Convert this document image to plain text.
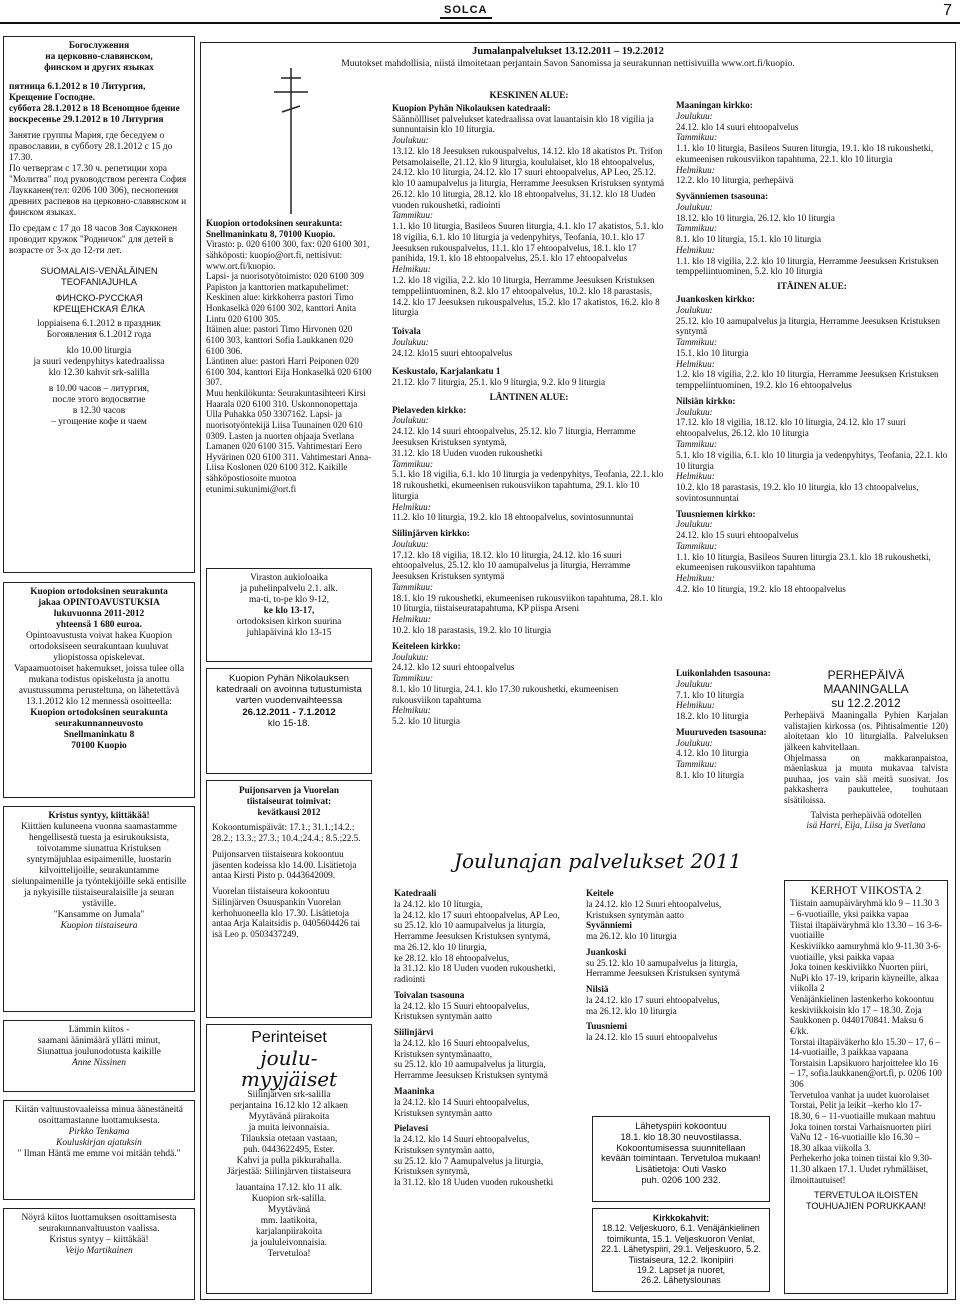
SOLCA	7

Богослужения

на церковно-славянском,

финском и других языках

пятница 6.1.2012 в 10 Литургия, Крещение Господне.

суббота 28.1.2012 в 18 Всенощное бдение

воскресенье 29.1.2012 в 10 Литургия

Занятие группы Мария, где беседуем о православии, в субботу 28.1.2012 с 15 до 17.30.

По четвергам с 17.30 ч. репетиции хора "Молитва" под руководством регента София Лаукканен(тел: 0206 100 306), песнопения древних распевов на церковно-славянском и финском языках.

По средам с 17 до 18 часов Зоя Саукконен проводит кружок "Родничок" для детей в возрасте от 3-х до 12-ти лет.

SUOMALAIS-VENÄLÄINEN

TEOFANIAJUHLA

ФИНСКО-РУССКАЯ

КРЕЩЕНСКАЯ ЁЛКА

loppiaisena 6.1.2012 в праздник

Богоявления 6.1.2012 года

klo 10.00 liturgia

ja suuri vedenpyhitys katedraalissa

klo 12.30 kahvit srk-salilla

в 10.00 часов – литургия,

после этого водосвятие

в 12.30 часов

– угощение кофе и чаем

Kuopion ortodoksinen seurakunta

jakaa OPINTOAVUSTUKSIA

lukuvuonna 2011-2012

yhteensä 1 680 euroa.

Opintoavustusta voivat hakea Kuopion ortodoksiseen seurakuntaan kuuluvat yliopistossa opiskelevat.

Vapaamuotoiset hakemukset, joissa tulee olla mukana todistus opiskelusta ja anottu avustussumma perusteltuna, on lähetettävä 13.1.2012 klo 12 mennessä osoitteella:

Kuopion ortodoksinen seurakunta

seurakunnanneuvosto

Snellmaninkatu 8

70100 Kuopio

Kristus syntyy, kiittäkää!

Kiittäen kuluneena vuonna saamastamme hengellisestä tuesta ja esirukouksista, toivotamme siunattua Kristuksen syntymäjuhlaa esipaimenille, luostarin kilvoittelijoille, seurakuntamme sielunpaimenille ja työntekijöille sekä entisille ja nykyisille tiistaiseuralaisille ja seuran ystäville.

"Kansamme on Jumala"

Kuopion tiistaiseura

Lämmin kiitos -

saamani äänimäärä yllätti minut,

Siunattua joulunodotusta kaikille

Anne Nissinen

Kiitän valtuustovaaleissa minua äänestäneitä osoittamastanne luottamuksesta.

Pirkko Tenkama

Kouluskirjan ajatuksin

" Ilman Häntä me emme voi mitään tehdä."

Nöyrä kiitos luottamuksen osoittamisesta seurakunnanvaltuuston vaalissa.

Kristus syntyy – kiittäkää!

Veijo Martikainen

Jumalanpalvelukset 13.12.2011 – 19.2.2012
Muutokset mahdollisia, niistä ilmoitetaan perjantain Savon Sanomissa ja seurakunnan nettisivuilla www.ort.fi/kuopio.

Kuopion ortodoksinen seurakunta: Snellmaninkatu 8, 70100 Kuopio.

Virasto: p. 020 6100 300, fax: 020 6100 301, sähköposti: kuopio@ort.fi, nettisivut: www.ort.fi/kuopio.

Lapsi- ja nuorisotyötoimisto: 020 6100 309

Papiston ja kanttorien matkapuhelimet: Keskinen alue: kirkkoherra pastori Timo Honkaselkä 020 6100 302, kanttori Anita Lintu 020 6100 305.

Itäinen alue: pastori Timo Hirvonen 020 6100 303, kanttori Sofia Laukkanen 020 6100 306.

Läntinen alue: pastori Harri Peiponen 020 6100 304, kanttori Eija Honkaselkä 020 6100 307.

Muu henkilökunta: Seurakuntasihteeri Kirsi Haarala 020 6100 310. Uskonnonopettaja Ulla Puhakka 050 3307162. Lapsi- ja nuorisotyöntekijä Liisa Tuunainen 020 610 0309. Lasten ja nuorten ohjaaja Svetlana Lamanen 020 6100 315. Vahtimestari Eero Hyvärinen 020 6100 311. Vahtimestari Anna-Liisa Koslonen 020 6100 312. Kaikille sähköpostiosoite muotoa etunimi.sukunimi@ort.fi

Viraston aukioloaika

ja puhelinpalvelu 2.1. alk.

ma-ti, to-pe klo 9-12,

ke klo 13-17,

ortodoksisen kirkon suurina

juhlapäivinä klo 13-15

Kuopion Pyhän Nikolauksen katedraali on avoinna tutustumista varten vuodenvaihteessa

26.12.2011 - 7.1.2012

klo 15-18.

Puijonsarven ja Vuorelan

tiistaiseurat toimivat:

kevätkausi 2012

Kokoontumispäivät: 17.1.; 31.1.;14.2.: 28.2.; 13.3.; 27.3.; 10.4.;24.4.; 8.5.;22.5.

Puijonsarven tiistaiseura kokoontuu jäsenten kodeissa klo 14.00. Lisätietoja antaa Kirsti Pisto p. 0443642009.

Vuorelan tiistaiseura kokoontuu Siilinjärven Osuuspankin Vuorelan kerhohuoneella klo 17.30. Lisätietoja antaa Arja Kalaitsidis p. 0405604426 tai isä Leo p. 0503437249.

Perinteiset

joulu-

myyjäiset

Siilinjärven srk-salilla

perjantaina 16.12 klo 12 alkaen

Myytävänä piirakoita

ja muita leivonnaisia.

Tilauksia otetaan vastaan,

puh. 0443622495, Ester.

Kahvi ja pulla pikkurahalla.

Järjestää: Siilinjärven tiistaiseura

lauantaina 17.12. klo 11 alk.

Kuopion srk-salilla.

Myytävänä

mm. laatikoita,

karjalanpiirakoita

ja joululeivonnaisia.

Tervetuloa!

KESKINEN ALUE:

Kuopion Pyhän Nikolauksen katedraali:

Säännöllliset palvelukset katedraalissa ovat lauantaisin klo 18 vigilia ja sunnuntaisin klo 10 liturgia.

Joulukuu:

13.12. klo 18 Jeesuksen rukouspalvelus, 14.12. klo 18 akatistos Pt. Trifon Petsamolaiselle, 21.12. klo 9 liturgia, koululaiset, klo 18 ehtoopalvelus, 24.12. klo 10 liturgia, 24.12. klo 17 suuri ehtoopalvelus, AP Leo, 25.12. klo 10 aamupalvelus ja liturgia, Herramme Jeesuksen Kristuksen syntymä

26.12. klo 10 liturgia, 28.12. klo 18 ehtoopalvelus, 31.12. klo 18 Uuden vuoden rukoushetki, radiointi

Tammikuu:

1.1. klo 10 liturgia, Basileos Suuren liturgia, 4.1. klo 17 akatistos, 5.1. klo 18 vigilia, 6.1. klo 10 liturgia ja vedenpyhitys, Teofania, 10.1. klo 17 Jeesuksen rukouspalvelus, 11.1. klo 17 ehtoopalvelus, 18.1. klo 17 panihida, 19.1. klo 18 ehtoopalvelus, 25.1. klo 17 ehtoopalvelus

Helmikuu:

1.2. klo 18 vigilia, 2.2. klo 10 liturgia, Herramme Jeesuksen Kristuksen temppeliintuominen, 8.2. klo 17 ehtoopalvelus, 10.2. klo 18 parastasis, 14.2. klo 17 Jeesuksen rukouspalvelus, 15.2. klo 17 akatistos, 16.2. klo 8 liturgia

Toivala

Joulukuu:

24.12. klo15 suuri ehtoopalvelus

Keskustalo, Karjalankatu 1

21.12. klo 7 liturgia, 25.1. klo 9 liturgia, 9.2. klo 9 liturgia

LÄNTINEN ALUE:

Pielaveden kirkko:

Joulukuu:

24.12. klo 14 suuri ehtoopalvelus, 25.12. klo 7 liturgia, Herramme Jeesuksen Kristuksen syntymä,

31.12. klo 18 Uuden vuoden rukoushetki

Tammikuu:

5.1. klo 18 vigilia, 6.1. klo 10 liturgia ja vedenpyhitys, Teofania, 22.1. klo 18 rukoushetki, ekumeenisen rukousviikon tapahtuma, 29.1. klo 10 liturgia

Helmikuu:

11.2. klo 10 liturgia, 19.2. klo 18 ehtoopalvelus, sovintosunnuntai

Siilinjärven kirkko:

Joulukuu:

17.12. klo 18 vigilia, 18.12. klo 10 liturgia, 24.12. klo 16 suuri ehtoopalvelus, 25.12. klo 10 aamupalvelus ja liturgia, Herramme Jeesuksen Kristuksen syntymä

Tammikuu:

18.1. klo 19 rukoushetki, ekumeenisen rukousviikon tapahtuma, 28.1. klo 10 liturgia, tiistaiseuratapahtuma, KP piispa Arseni

Helmikuu:

10.2. klo 18 parastasis, 19.2. klo 10 liturgia

Keiteleen kirkko:

Joulukuu:

24.12. klo 12 suuri ehtoopalvelus

Tammikuu:

8.1. klo 10 liturgia, 24.1. klo 17.30 rukoushetki, ekumeenisen rukousviikon tapahtuma

Helmikuu:

5.2. klo 10 liturgia

Maaningan kirkko:

Joulukuu:

24.12. klo 14 suuri ehtoopalvelus

Tammikuu:

1.1. klo 10 liturgia, Basileos Suuren liturgia, 19.1. klo 18 rukoushetki, ekumeenisen rukousviikon tapahtuma, 22.1. klo 10 liturgia

Helmikuu:

12.2. klo 10 liturgia, perhepäivä

Syvänniemen tsasouna:

Joulukuu:

18.12. klo 10 liturgia, 26.12. klo 10 liturgia

Tammikuu:

8.1. klo 10 liturgia, 15.1. klo 10 liturgia

Helmikuu:

1.1. klo 18 vigilia, 2.2. klo 10 liturgia, Herramme Jeesuksen Kristuksen temppeliintuominen, 5.2. klo 10 liturgia

ITÄINEN ALUE:

Juankosken kirkko:

Joulukuu:

25.12. klo 10 aamupalvelus ja liturgia, Herramme Jeesuksen Kristuksen syntymä

Tammikuu:

15.1. klo 10 liturgia

Helmikuu:

1.2. klo 18 vigilia, 2.2. klo 10 liturgia, Herramme Jeesuksen Kristuksen temppeliintuominen, 19.2. klo 16 ehtoopalvelus

Nilsiän kirkko:

Joulukuu:

17.12. klo 18 vigilia, 18.12. klo 10 liturgia, 24.12. klo 17 suuri ehtoopalvelus, 26.12. klo 10 liturgia

Tammikuu:

5.1. klo 18 vigilia, 6.1. klo 10 liturgia ja vedenpyhitys, Teofania, 22.1. klo 10 liturgia

Helmikuu:

10.2. klo 18 parastasis, 19.2. klo 10 liturgia, klo 13 chtoopalvelus, sovintosunnuntai

Tuusniemen kirkko:

Joulukuu:

24.12. klo 15 suuri ehtoopalvelus

Tammikuu:

1.1. klo 10 liturgia, Basileos Suuren liturgia 23.1. klo 18 rukoushetki, ekumeenisen rukousviikon tapahtuma

Helmikuu:

4.2. klo 10 liturgia, 19.2. klo 18 ehtoopalvelus

Luikonlahden tsasouna:

Joulukuu:

7.1. klo 10 liturgia

Helmikuu:

18.2. klo 10 liturgia

Muuruveden tsasouna:

Joulukuu:

4.12. klo 10 liturgia

Tammikuu:

8.1. klo 10 liturgia

PERHEPÄIVÄ

MAANINGALLA

su 12.2.2012

Perhepäivä Maaningalla Pyhien Karjalan valistajien kirkossa (os. Pihtisalmentie 120) aloitetaan klo 10 liturgialla. Palveluksen jälkeen kahvitellaan.

Ohjelmassa on makkaranpaistoa, mäenlaskua ja muuta mukavaa talvista puuhaa, jos vain sää meitä suosivat. Jos pakkasherra paukuttelee, touhutaan sisätiloissa.

Talvista perhepäivää odotellen

isä Harri, Eija, Liisa ja Svetlana

KERHOT VIIKOSTA 2

Tiistain aamupäiväryhmä klo 9 – 11.30 3 – 6-vuotiaille, yksi paikka vapaa

Tiistai iltapäiväryhmä klo 13.30 – 16 3-6-vuotiaille

Keskiviikko aamuryhmä klo 9-11.30 3-6-vuotiaille, yksi paikka vapaa

Joka toinen keskiviikko Nuorten piiri, NuPi klo 17-19, kriparin käyneille, alkaa viikolla 2

Venäjänkielinen lastenkerho kokoontuu keskiviikkoisin klo 17 – 18.30. Zoja Saukkonen p. 0440170841. Maksu 6 €/kk.

Torstai iltapäiväkerho klo 15.30 – 17, 6 – 14-vuotiaille, 3 paikkaa vapaana

Torstaisin Lapsikuoro harjoittelee klo 16 – 17, sofia.laukkanen@ort.fi, p. 0206 100 306

Tervetuloa vanhat ja uudet kuorolaiset

Torstai, Pelit ja leikit –kerho klo 17-18.30, 6 – 11-vuotiaille mukaan mahtuu

Joka toinen torstai Varhaisnuorten piiri VaNu 12 - 16-vuotiaille klo 16.30 – 18.30 alkaa viikolla 3.

Perhekerho joka toinen tiistai klo 9.30-11.30 alkaen 17.1. Uudet ryhmäläiset, ilmoittautuiset!

TERVETULOA ILOISTEN TOUHUAJIEN PORUKKAAN!

Joulunajan palvelukset 2011

Katedraali

la 24.12. klo 10 liturgia,

la 24.12. klo 17 suuri ehtoopalvelus, AP Leo,

su 25.12. klo 10 aamupalvelus ja liturgia, Herramme Jeesuksen Kristuksen syntymä,

ma 26.12. klo 10 liturgia,

ke 28.12. klo 18 ehtoopalvelus,

la 31.12. klo 18 Uuden vuoden rukoushetki, radiointi

Toivalan tsasouna

la 24.12. klo 15 Suuri ehtoopalvelus,

Kristuksen syntymän aatto

Siilinjärvi

la 24.12. klo 16 Suuri ehtoopalvelus,

Kristuksen syntymänaatto,

su 25.12. klo 10 aamupalvelus ja liturgia, Herramme Jeesuksen Kristuksen syntymä

Maaninka

la 24.12. klo 14 Suuri ehtoopalvelus,

Kristuksen syntymän aatto

Pielavesi

la 24.12. klo 14 Suuri ehtoopalvelus,

Kristuksen syntymän aatto,

su 25.12. klo 7 Aamupalvelus ja liturgia,

Kristuksen syntymä,

la 31.12. klo 18 Uuden vuoden rukoushetki

Keitele

la 24.12. klo 12 Suuri ehtoopalvelus,

Kristuksen syntymän aatto

Syvänniemi

ma 26.12. klo 10 liturgia

Juankoski

su 25.12. klo 10 aamupalvelus ja liturgia, Herramme Jeesuksen Kristuksen syntymä

Nilsiä

la 24.12. klo 17 suuri ehtoopalvelus,

ma 26.12. klo 10 liturgia

Tuusniemi

la 24.12. klo 15 suuri ehtoopalvelus

Lähetyspiiri kokoontuu

18.1. klo 18.30 neuvostilassa.

Kokoontumisessa suunnitellaan

kevään toimintaan. Tervetuloa mukaan! Lisätietoja: Outi Vasko

puh. 0206 100 232.

Kirkkokahvit:

18.12. Veljeskuoro, 6.1. Venäjänkielinen toimikunta, 15.1. Veljeskuoron Venlat, 22.1. Lähetyspiiri, 29.1. Veljeskuoro, 5.2. Tiistaiseura, 12.2. Ikonipiiri

19.2. Lapset ja nuoret,

26.2. Lähetyslounas
